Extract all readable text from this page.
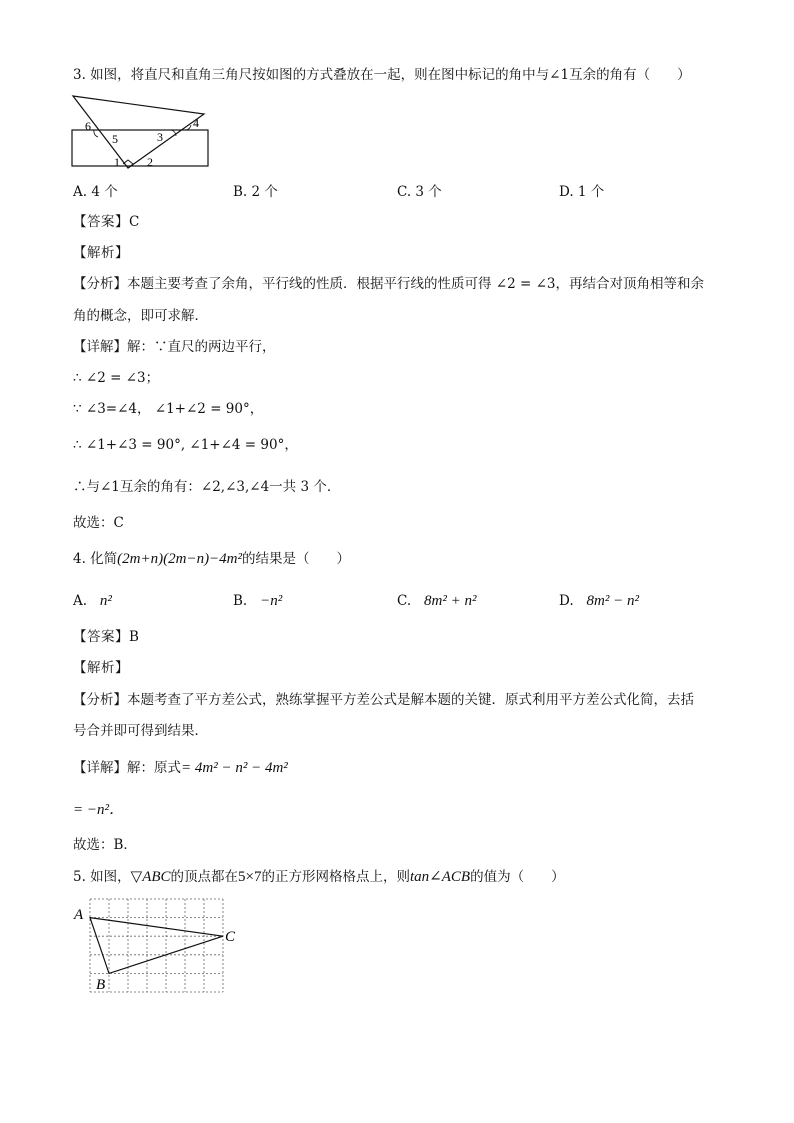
3. 如图，将直尺和直角三角尺按如图的方式叠放在一起，则在图中标记的角中与∠1互余的角有（　　）
6
5	3
4
1 2
A. 4 个	B. 2 个	C. 3 个	D. 1 个
【答案】C
【解析】
【分析】本题主要考查了余角，平行线的性质．根据平行线的性质可得 ∠2 = ∠3，再结合对顶角相等和余
角的概念，即可求解．
【详解】解：∵直尺的两边平行，
∴ ∠2 = ∠3；
∵ ∠3=∠4， ∠1+∠2 = 90°，
∴ ∠1+∠3 = 90°, ∠1+∠4 = 90°，
∴与∠1互余的角有：∠2,∠3,∠4一共 3 个．
故选：C
4. 化简(2m+n)(2m−n)−4m²的结果是（　　）
A. n²	B. −n²	C. 8m² + n²	D. 8m² − n²
【答案】B
【解析】
【分析】本题考查了平方差公式，熟练掌握平方差公式是解本题的关键．原式利用平方差公式化简，去括
号合并即可得到结果．
【详解】解：原式= 4m² − n² − 4m²
= −n²．
故选：B．
5. 如图，▽ABC的顶点都在5×7的正方形网格格点上，则tan∠ACB的值为（　　）
A
B
C
